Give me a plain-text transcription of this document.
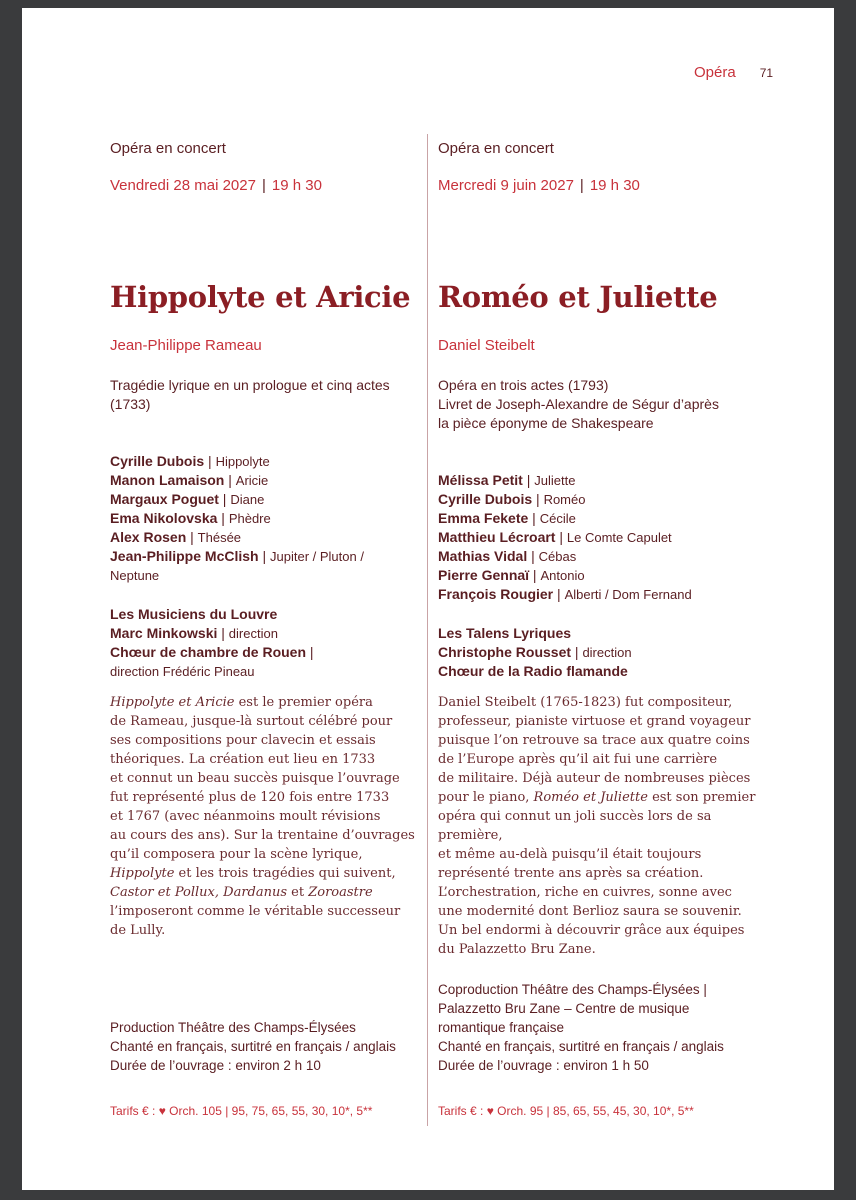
Opéra 71

Opéra en concert

Vendredi 28 mai 2027 | 19 h 30
Hippolyte et Aricie

Jean-Philippe Rameau

Tragédie lyrique en un prologue et cinq actes
(1733)
Cyrille Dubois | Hippolyte
Manon Lamaison | Aricie
Margaux Poguet | Diane
Ema Nikolovska | Phèdre
Alex Rosen | Thésée
Jean-Philippe McClish | Jupiter / Pluton /
Neptune
Les Musiciens du Louvre
Marc Minkowski | direction
Chœur de chambre de Rouen |
direction Frédéric Pineau
Hippolyte et Aricie est le premier opéra
de Rameau, jusque-là surtout célébré pour
ses compositions pour clavecin et essais
théoriques. La création eut lieu en 1733
et connut un beau succès puisque l’ouvrage
fut représenté plus de 120 fois entre 1733
et 1767 (avec néanmoins moult révisions
au cours des ans). Sur la trentaine d’ouvrages
qu’il composera pour la scène lyrique,
Hippolyte et les trois tragédies qui suivent,
Castor et Pollux, Dardanus et Zoroastre
l’imposeront comme le véritable successeur
de Lully.
Production Théâtre des Champs-Élysées
Chanté en français, surtitré en français / anglais
Durée de l’ouvrage : environ 2 h 10

Tarifs € : ♥ Orch. 105 | 95, 75, 65, 55, 30, 10*, 5**

Opéra en concert

Mercredi 9 juin 2027 | 19 h 30
Roméo et Juliette

Daniel Steibelt

Opéra en trois actes (1793)
Livret de Joseph-Alexandre de Ségur d’après
la pièce éponyme de Shakespeare
Mélissa Petit | Juliette
Cyrille Dubois | Roméo
Emma Fekete | Cécile
Matthieu Lécroart | Le Comte Capulet
Mathias Vidal | Cébas
Pierre Gennaï | Antonio
François Rougier | Alberti / Dom Fernand
Les Talens Lyriques
Christophe Rousset | direction
Chœur de la Radio flamande
Daniel Steibelt (1765-1823) fut compositeur,
professeur, pianiste virtuose et grand voyageur
puisque l’on retrouve sa trace aux quatre coins
de l’Europe après qu’il ait fui une carrière
de militaire. Déjà auteur de nombreuses pièces
pour le piano, Roméo et Juliette est son premier
opéra qui connut un joli succès lors de sa première,
et même au-delà puisqu’il était toujours
représenté trente ans après sa création.
L’orchestration, riche en cuivres, sonne avec
une modernité dont Berlioz saura se souvenir.
Un bel endormi à découvrir grâce aux équipes
du Palazzetto Bru Zane.
Coproduction Théâtre des Champs-Élysées |
Palazzetto Bru Zane – Centre de musique
romantique française
Chanté en français, surtitré en français / anglais
Durée de l’ouvrage : environ 1 h 50

Tarifs € : ♥ Orch. 95 | 85, 65, 55, 45, 30, 10*, 5**
